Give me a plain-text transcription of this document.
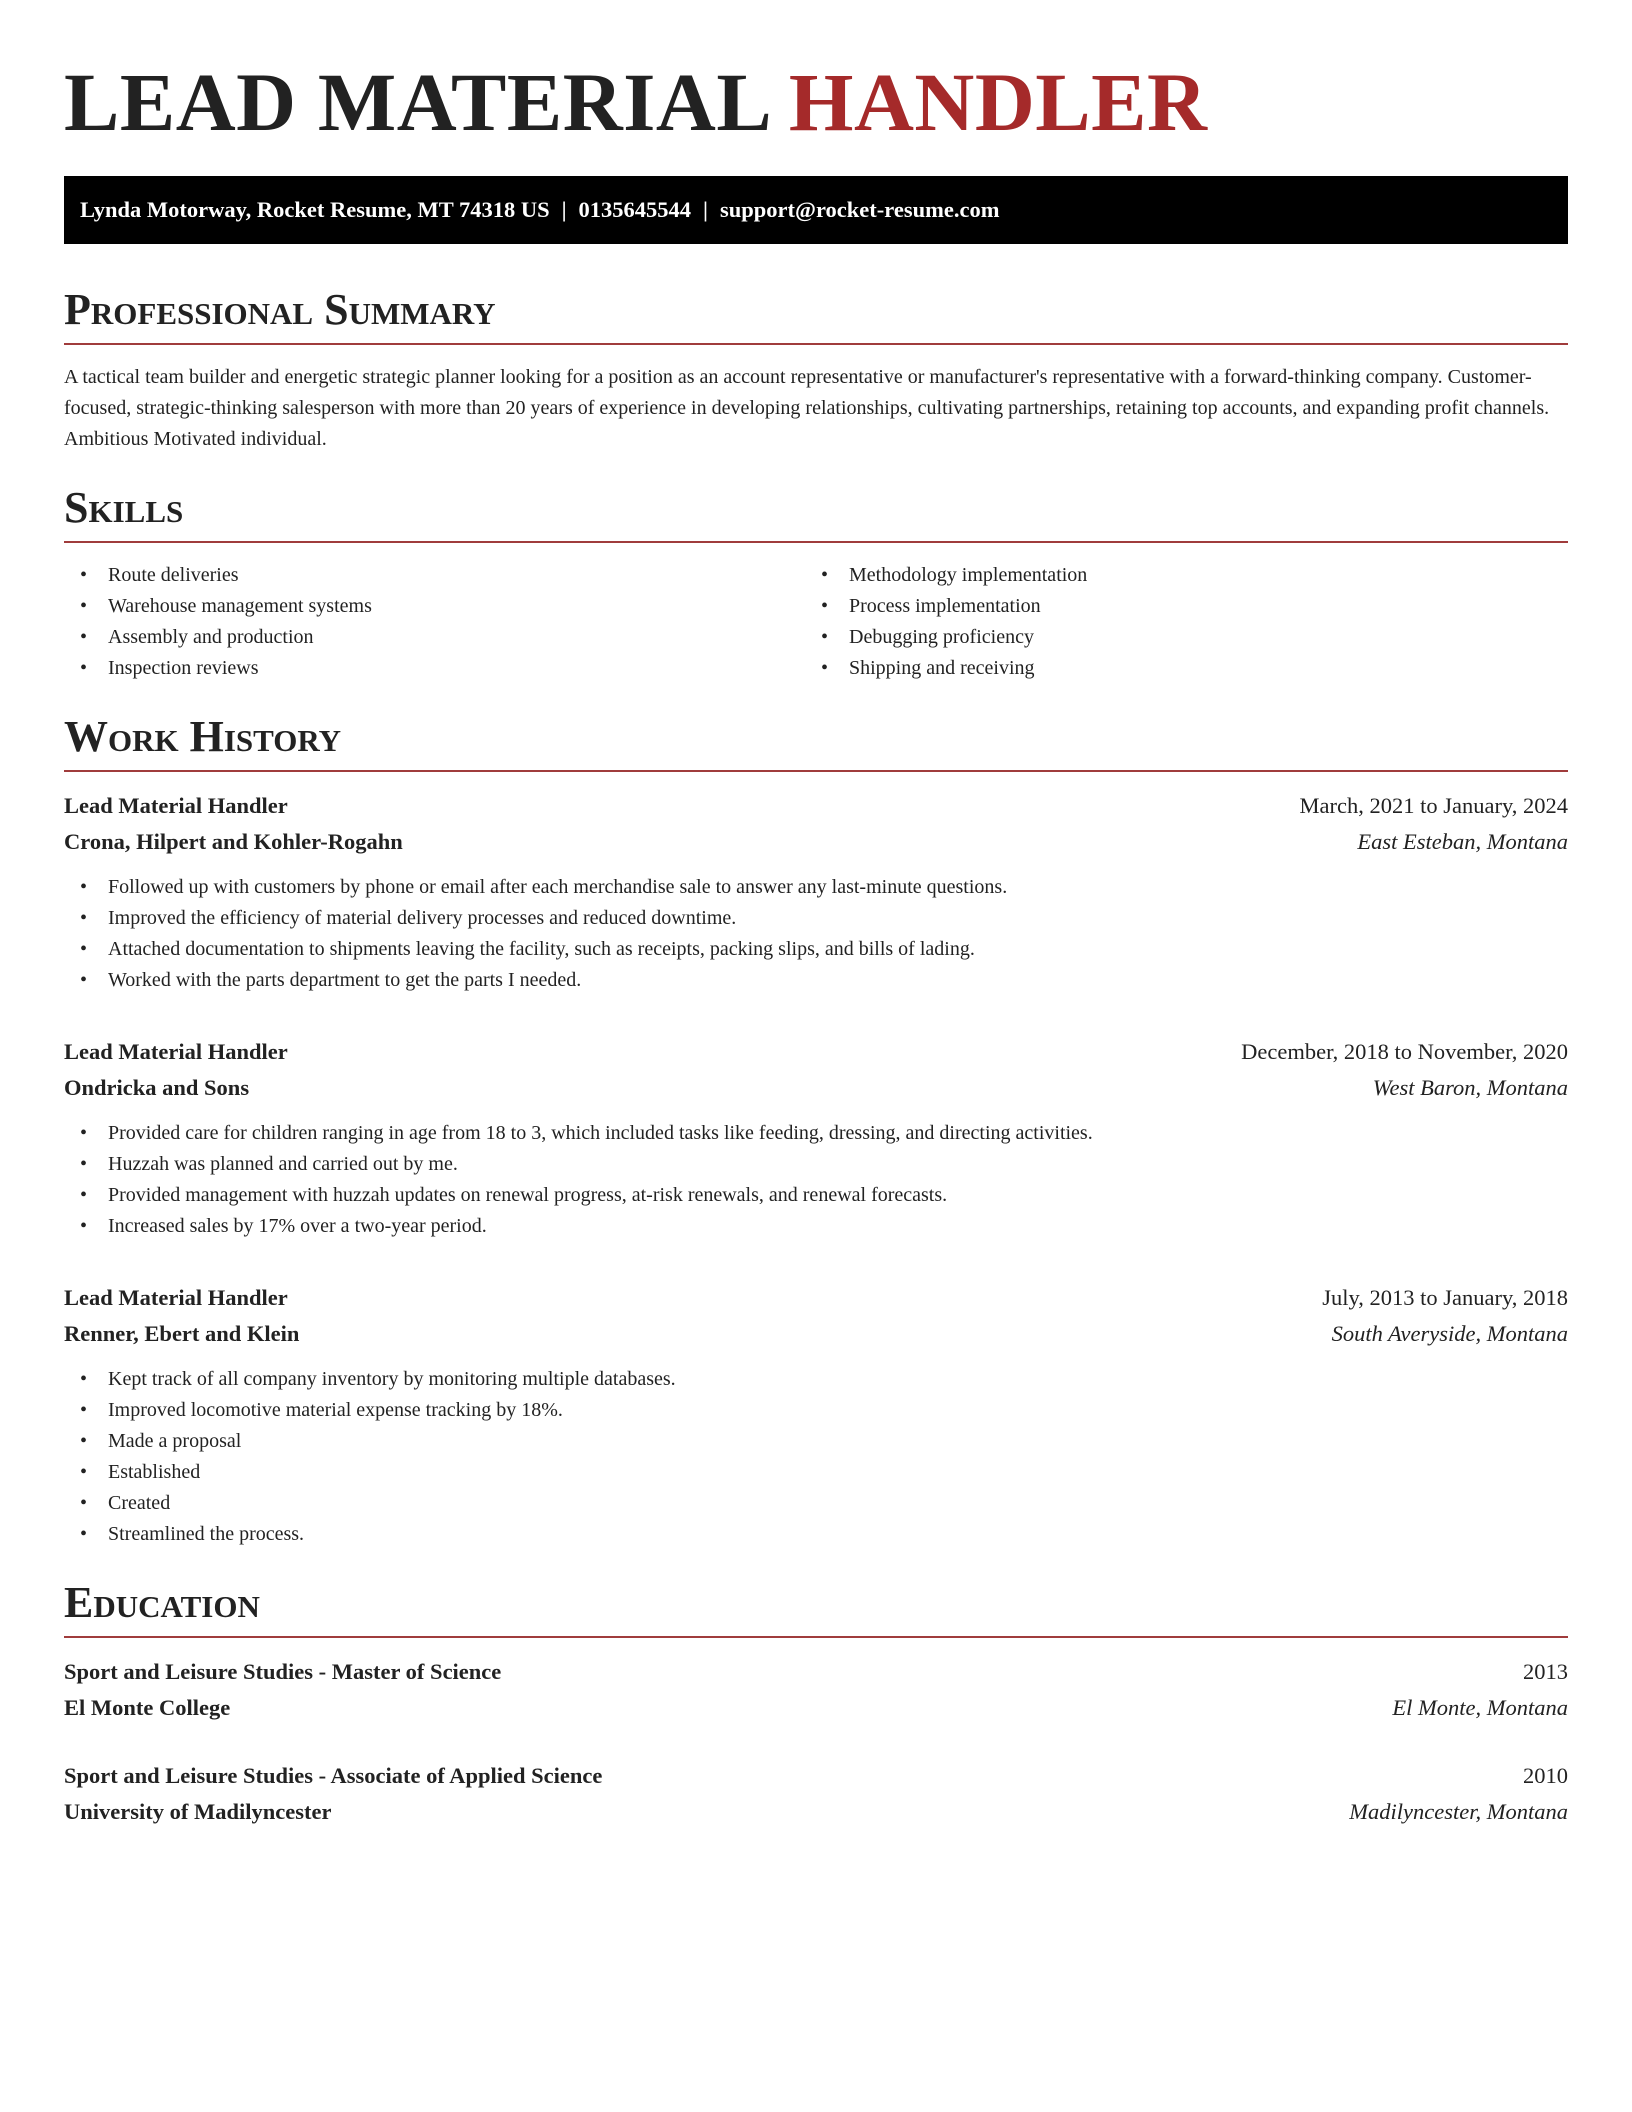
LEAD MATERIAL HANDLER
Lynda Motorway, Rocket Resume, MT 74318 US | 0135645544 | support@rocket-resume.com
Professional Summary

A tactical team builder and energetic strategic planner looking for a position as an account representative or manufacturer's representative with a forward-thinking company. Customer-focused, strategic-thinking salesperson with more than 20 years of experience in developing relationships, cultivating partnerships, retaining top accounts, and expanding profit channels. Ambitious Motivated individual.

Skills
• Route deliveries
• Warehouse management systems
• Assembly and production
• Inspection reviews
• Methodology implementation
• Process implementation
• Debugging proficiency
• Shipping and receiving
Work History
Lead Material Handler	March, 2021 to January, 2024
Crona, Hilpert and Kohler-Rogahn	East Esteban, Montana
• Followed up with customers by phone or email after each merchandise sale to answer any last-minute questions.
• Improved the efficiency of material delivery processes and reduced downtime.
• Attached documentation to shipments leaving the facility, such as receipts, packing slips, and bills of lading.
• Worked with the parts department to get the parts I needed.
Lead Material Handler	December, 2018 to November, 2020
Ondricka and Sons	West Baron, Montana
• Provided care for children ranging in age from 18 to 3, which included tasks like feeding, dressing, and directing activities.
• Huzzah was planned and carried out by me.
• Provided management with huzzah updates on renewal progress, at-risk renewals, and renewal forecasts.
• Increased sales by 17% over a two-year period.
Lead Material Handler	July, 2013 to January, 2018
Renner, Ebert and Klein	South Averyside, Montana
• Kept track of all company inventory by monitoring multiple databases.
• Improved locomotive material expense tracking by 18%.
• Made a proposal
• Established
• Created
• Streamlined the process.
Education
Sport and Leisure Studies - Master of Science	2013
El Monte College	El Monte, Montana
Sport and Leisure Studies - Associate of Applied Science	2010
University of Madilyncester	Madilyncester, Montana
